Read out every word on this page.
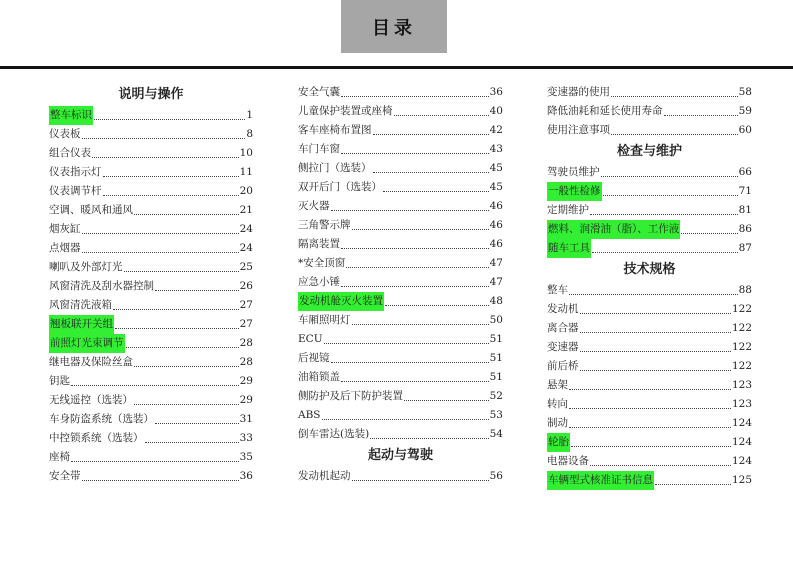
目录
说明与操作
整车标识	1
仪表板	8
组合仪表	10
仪表指示灯	11
仪表调节杆	20
空调、暖风和通风	21
烟灰缸	24
点烟器	24
喇叭及外部灯光	25
风窗清洗及刮水器控制	26
风窗清洗液箱	27
翘板联开关组	27
前照灯光束调节	28
继电器及保险丝盒	28
钥匙	29
无线遥控（选装）	29
车身防盗系统（选装）	31
中控锁系统（选装）	33
座椅	35
安全带	36
安全气囊	36
儿童保护装置或座椅	40
客车座椅布置图	42
车门车窗	43
侧拉门（选装）	45
双开后门（选装）	45
灭火器	46
三角警示牌	46
隔离装置	46
*安全顶窗	47
应急小锤	47
发动机舱灭火装置	48
车厢照明灯	50
ECU	51
后视镜	51
油箱锁盖	51
侧防护及后下防护装置	52
ABS	53
倒车雷达(选装)	54
起动与驾驶
发动机起动	56
变速器的使用	58
降低油耗和延长使用寿命	59
使用注意事项	60
检查与维护
驾驶员维护	66
一般性检修	71
定期维护	81
燃料、润滑油（脂）、工作液	86
随车工具	87
技术规格
整车	88
发动机	122
离合器	122
变速器	122
前后桥	122
悬架	123
转向	123
制动	124
轮胎	124
电器设备	124
车辆型式核准证书信息	125
